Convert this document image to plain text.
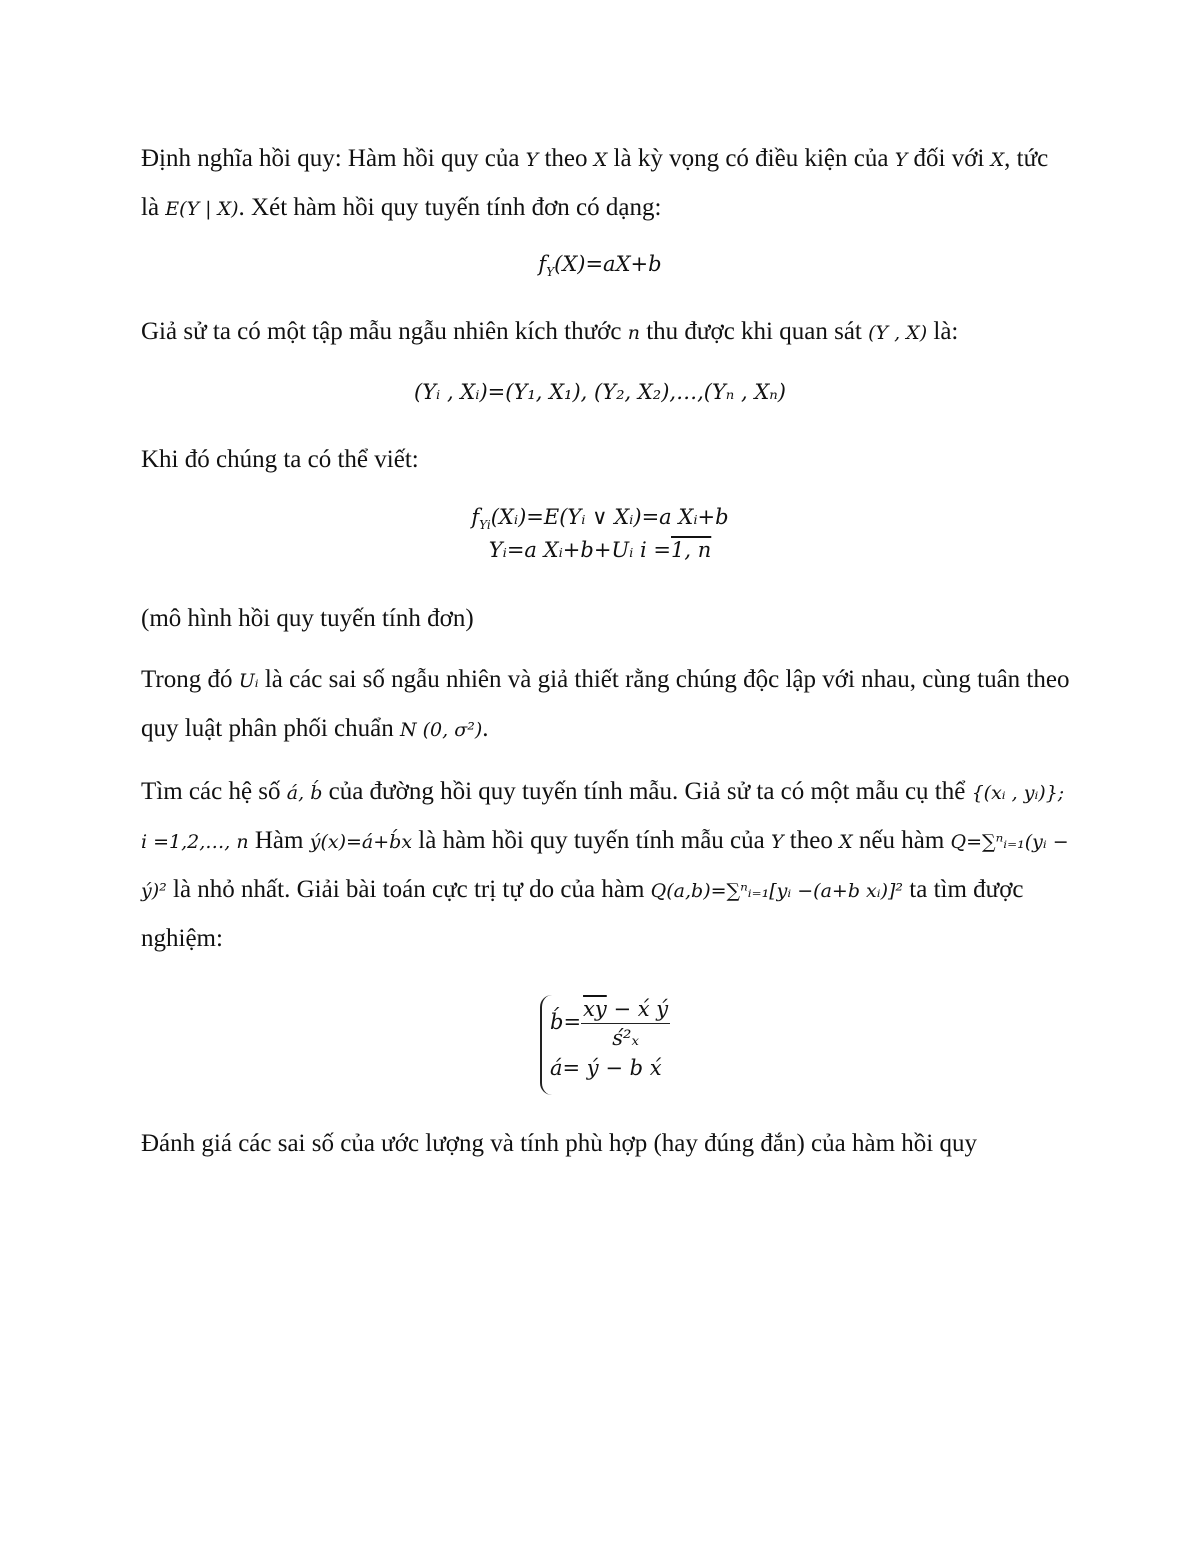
Định nghĩa hồi quy: Hàm hồi quy của Y theo X là kỳ vọng có điều kiện của Y đối với X, tức là E(Y | X). Xét hàm hồi quy tuyến tính đơn có dạng:
$f_Y(X)=aX+b$
Giả sử ta có một tập mẫu ngẫu nhiên kích thước n thu được khi quan sát (Y , X) là:
(Yᵢ , Xᵢ)=(Y₁, X₁), (Y₂, X₂),…,(Yₙ , Xₙ)
Khi đó chúng ta có thể viết:
$f_{Yi}(Xᵢ)=E(Yᵢ$ ∨ Xᵢ)=a Xᵢ+b
Yᵢ=a Xᵢ+b+Uᵢ i =1, n
(mô hình hồi quy tuyến tính đơn)
Trong đó Uᵢ là các sai số ngẫu nhiên và giả thiết rằng chúng độc lập với nhau, cùng tuân theo quy luật phân phối chuẩn N (0, σ²).
Tìm các hệ số á, b́ của đường hồi quy tuyến tính mẫu. Giả sử ta có một mẫu cụ thể {(xᵢ , yᵢ)}; i =1,2,…, n Hàm ý(x)=á+b́x là hàm hồi quy tuyến tính mẫu của Y theo X nếu hàm Q=∑ⁿᵢ₌₁(yᵢ − ý)² là nhỏ nhất. Giải bài toán cực trị tự do của hàm Q(a,b)=∑ⁿᵢ₌₁[yᵢ −(a+b xᵢ)]² ta tìm được nghiệm:
b́= $\frac{\overline{xy} - x́ ý}{\text{ś²ₓ}}$
á= ý − b x́
Đánh giá các sai số của ước lượng và tính phù hợp (hay đúng đắn) của hàm hồi quy
